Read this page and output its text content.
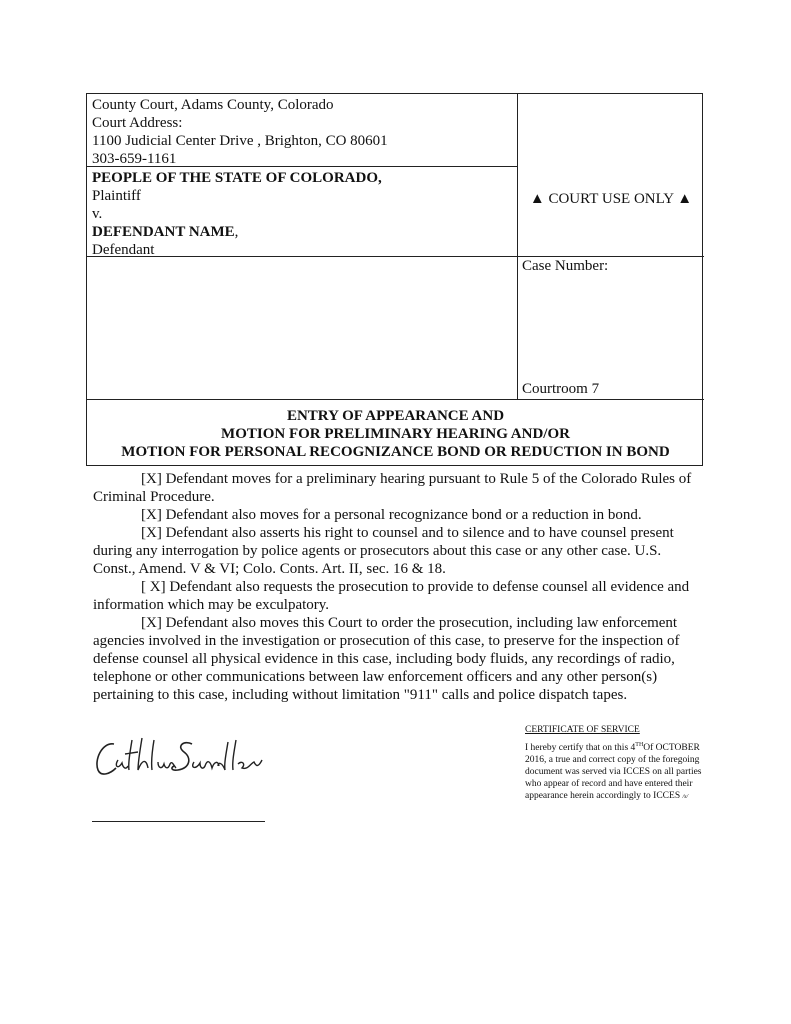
County Court, Adams County, Colorado
Court Address:
1100 Judicial Center Drive , Brighton, CO 80601
303-659-1161
PEOPLE OF THE STATE OF COLORADO,
Plaintiff
v.
DEFENDANT NAME,
Defendant
▲ COURT USE ONLY ▲
Case Number:
Courtroom 7
ENTRY OF APPEARANCE AND
MOTION FOR PRELIMINARY HEARING AND/OR
MOTION FOR PERSONAL RECOGNIZANCE BOND OR REDUCTION IN BOND

[X] Defendant moves for a preliminary hearing pursuant to Rule 5 of the Colorado Rules of Criminal Procedure.

[X] Defendant also moves for a personal recognizance bond or a reduction in bond.

[X] Defendant also asserts his right to counsel and to silence and to have counsel present during any interrogation by police agents or prosecutors about this case or any other case. U.S. Const., Amend. V & VI; Colo. Conts. Art. II, sec. 16 & 18.

[ X] Defendant also requests the prosecution to provide to defense counsel all evidence and information which may be exculpatory.

[X] Defendant also moves this Court to order the prosecution, including law enforcement agencies involved in the investigation or prosecution of this case, to preserve for the inspection of defense counsel all physical evidence in this case, including body fluids, any recordings of radio, telephone or other communications between law enforcement officers and any other person(s) pertaining to this case, including without limitation "911" calls and police dispatch tapes.

CERTIFICATE OF SERVICE
I hereby certify that on this 4THOf OCTOBER 2016, a true and correct copy of the foregoing document was served via ICCES on all parties who appear of record and have entered their appearance herein accordingly to ICCES /s/
